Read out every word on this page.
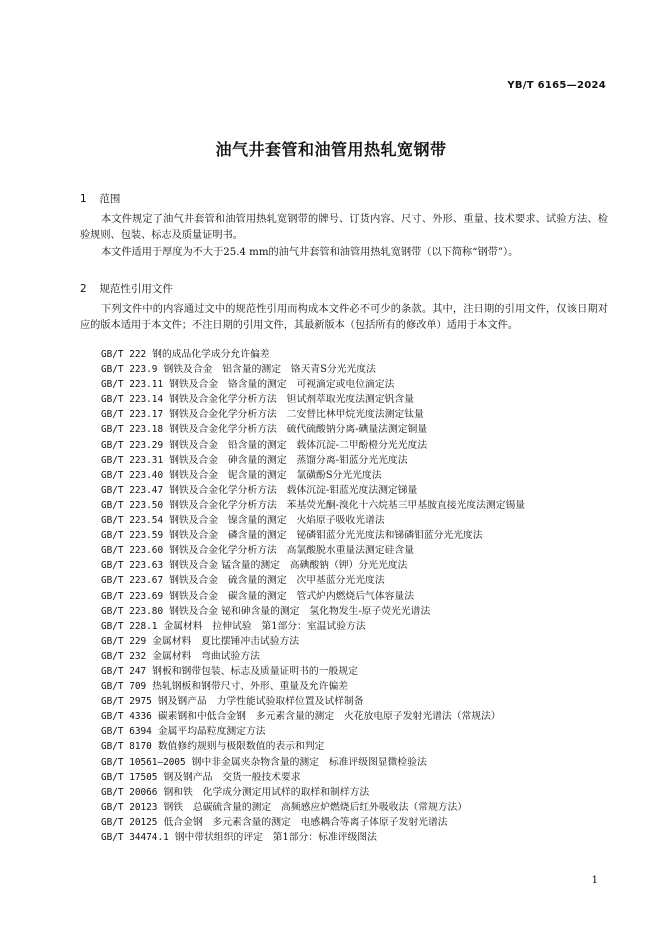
YB/T 6165—2024
油气井套管和油管用热轧宽钢带
1 范围
本文件规定了油气井套管和油管用热轧宽钢带的牌号、订货内容、尺寸、外形、重量、技术要求、试验方法、检验规则、包装、标志及质量证明书。
本文件适用于厚度为不大于25.4 mm的油气井套管和油管用热轧宽钢带（以下简称“钢带”）。
2 规范性引用文件
下列文件中的内容通过文中的规范性引用而构成本文件必不可少的条款。其中，注日期的引用文件，仅该日期对应的版本适用于本文件；不注日期的引用文件，其最新版本（包括所有的修改单）适用于本文件。
GB/T 222 钢的成品化学成分允许偏差
GB/T 223.9 钢铁及合金　铝含量的测定　铬天青S分光光度法
GB/T 223.11 钢铁及合金　铬含量的测定　可视滴定或电位滴定法
GB/T 223.14 钢铁及合金化学分析方法　钽试剂萃取光度法测定钒含量
GB/T 223.17 钢铁及合金化学分析方法　二安替比林甲烷光度法测定钛量
GB/T 223.18 钢铁及合金化学分析方法　硫代硫酸钠分离-碘量法测定铜量
GB/T 223.29 钢铁及合金　铅含量的测定　载体沉淀-二甲酚橙分光光度法
GB/T 223.31 钢铁及合金　砷含量的测定　蒸馏分离-钼蓝分光光度法
GB/T 223.40 钢铁及合金　铌含量的测定　氯磺酚S分光光度法
GB/T 223.47 钢铁及合金化学分析方法　载体沉淀-钼蓝光度法测定锑量
GB/T 223.50 钢铁及合金化学分析方法　苯基荧光酮-溴化十六烷基三甲基胺直接光度法测定锡量
GB/T 223.54 钢铁及合金　镍含量的测定　火焰原子吸收光谱法
GB/T 223.59 钢铁及合金　磷含量的测定　铋磷钼蓝分光光度法和锑磷钼蓝分光光度法
GB/T 223.60 钢铁及合金化学分析方法　高氯酸脱水重量法测定硅含量
GB/T 223.63 钢铁及合金 锰含量的测定　高碘酸钠（钾）分光光度法
GB/T 223.67 钢铁及合金　硫含量的测定　次甲基蓝分光光度法
GB/T 223.69 钢铁及合金　碳含量的测定　管式炉内燃烧后气体容量法
GB/T 223.80 钢铁及合金 铋和砷含量的测定　氢化物发生-原子荧光光谱法
GB/T 228.1 金属材料　拉伸试验　第1部分：室温试验方法
GB/T 229 金属材料　夏比摆锤冲击试验方法
GB/T 232 金属材料　弯曲试验方法
GB/T 247 钢板和钢带包装、标志及质量证明书的一般规定
GB/T 709 热轧钢板和钢带尺寸、外形、重量及允许偏差
GB/T 2975 钢及钢产品　力学性能试验取样位置及试样制备
GB/T 4336 碳素钢和中低合金钢　多元素含量的测定　火花放电原子发射光谱法（常规法）
GB/T 6394 金属平均晶粒度测定方法
GB/T 8170 数值修约规则与极限数值的表示和判定
GB/T 10561—2005 钢中非金属夹杂物含量的测定　标准评级图显微检验法
GB/T 17505 钢及钢产品　交货一般技术要求
GB/T 20066 钢和铁　化学成分测定用试样的取样和制样方法
GB/T 20123 钢铁　总碳硫含量的测定　高频感应炉燃烧后红外吸收法（常规方法）
GB/T 20125 低合金钢　多元素含量的测定　电感耦合等离子体原子发射光谱法
GB/T 34474.1 钢中带状组织的评定　第1部分：标准评级图法
1
